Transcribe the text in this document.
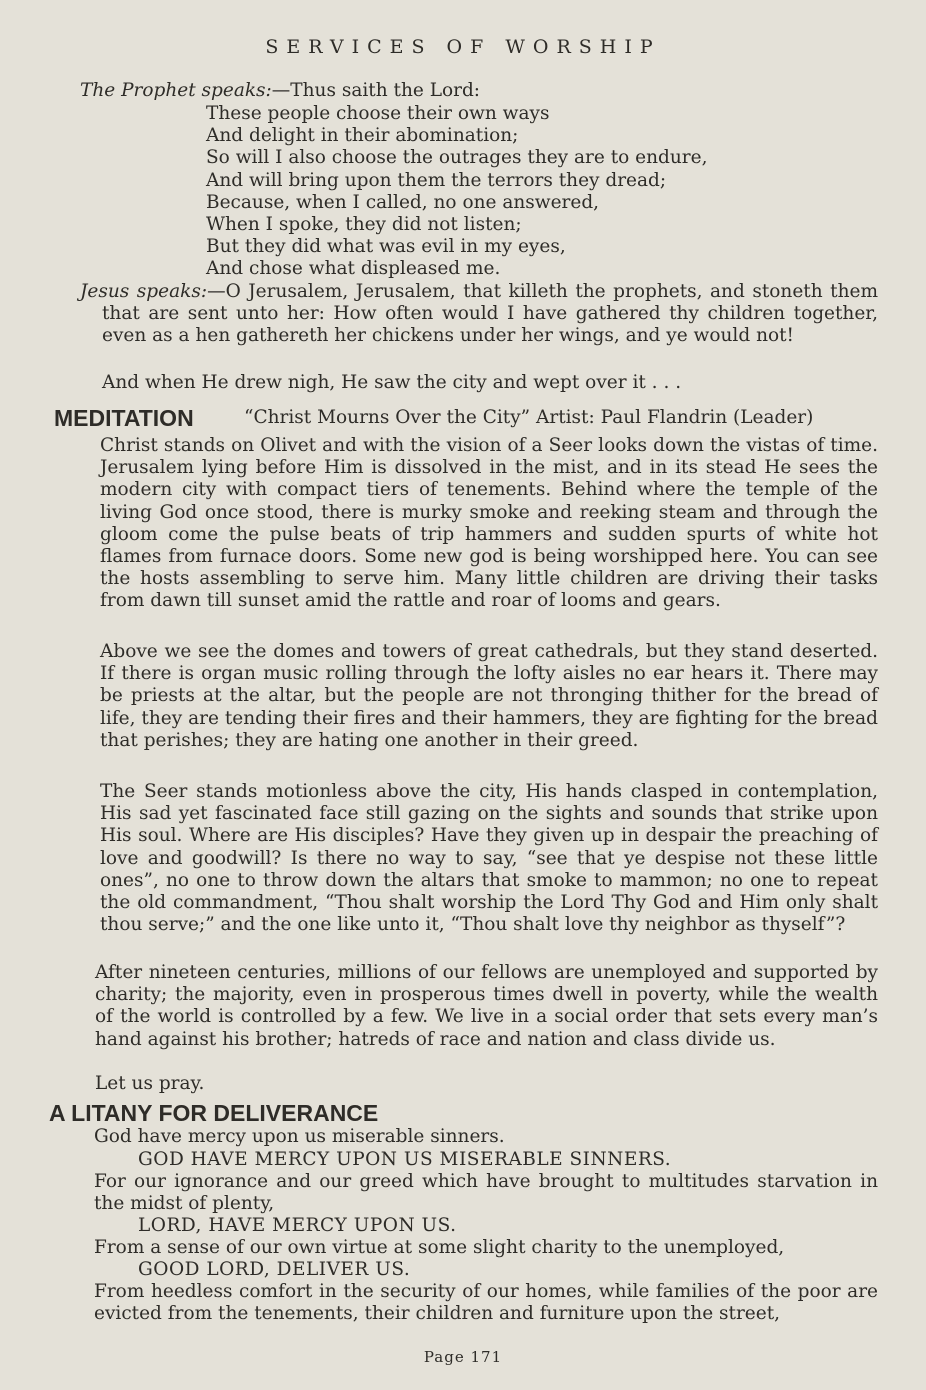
SERVICES OF WORSHIP
The Prophet speaks:—Thus saith the Lord:
These people choose their own ways
And delight in their abomination;
So will I also choose the outrages they are to endure,
And will bring upon them the terrors they dread;
Because, when I called, no one answered,
When I spoke, they did not listen;
But they did what was evil in my eyes,
And chose what displeased me.
Jesus speaks:—O Jerusalem, Jerusalem, that killeth the prophets, and stoneth them that are sent unto her: How often would I have gathered thy children together, even as a hen gathereth her chickens under her wings, and ye would not!
And when He drew nigh, He saw the city and wept over it . . .
MEDITATION	“Christ Mourns Over the City” Artist: Paul Flandrin (Leader)
Christ stands on Olivet and with the vision of a Seer looks down the vistas of time. Jerusalem lying before Him is dissolved in the mist, and in its stead He sees the modern city with compact tiers of tenements. Behind where the temple of the living God once stood, there is murky smoke and reeking steam and through the gloom come the pulse beats of trip hammers and sudden spurts of white hot flames from furnace doors. Some new god is being worshipped here. You can see the hosts assembling to serve him. Many little children are driving their tasks from dawn till sunset amid the rattle and roar of looms and gears.
Above we see the domes and towers of great cathedrals, but they stand deserted. If there is organ music rolling through the lofty aisles no ear hears it. There may be priests at the altar, but the people are not thronging thither for the bread of life, they are tending their fires and their hammers, they are fighting for the bread that perishes; they are hating one another in their greed.
The Seer stands motionless above the city, His hands clasped in contemplation, His sad yet fascinated face still gazing on the sights and sounds that strike upon His soul. Where are His disciples? Have they given up in despair the preaching of love and goodwill? Is there no way to say, “see that ye despise not these little ones”, no one to throw down the altars that smoke to mammon; no one to repeat the old commandment, “Thou shalt worship the Lord Thy God and Him only shalt thou serve;” and the one like unto it, “Thou shalt love thy neighbor as thyself”?
After nineteen centuries, millions of our fellows are unemployed and supported by charity; the majority, even in prosperous times dwell in poverty, while the wealth of the world is controlled by a few. We live in a social order that sets every man’s hand against his brother; hatreds of race and nation and class divide us.
Let us pray.
A LITANY FOR DELIVERANCE
God have mercy upon us miserable sinners.
GOD HAVE MERCY UPON US MISERABLE SINNERS.
For our ignorance and our greed which have brought to multitudes starvation in the midst of plenty,
LORD, HAVE MERCY UPON US.
From a sense of our own virtue at some slight charity to the unemployed,
GOOD LORD, DELIVER US.
From heedless comfort in the security of our homes, while families of the poor are evicted from the tenements, their children and furniture upon the street,
Page 171
